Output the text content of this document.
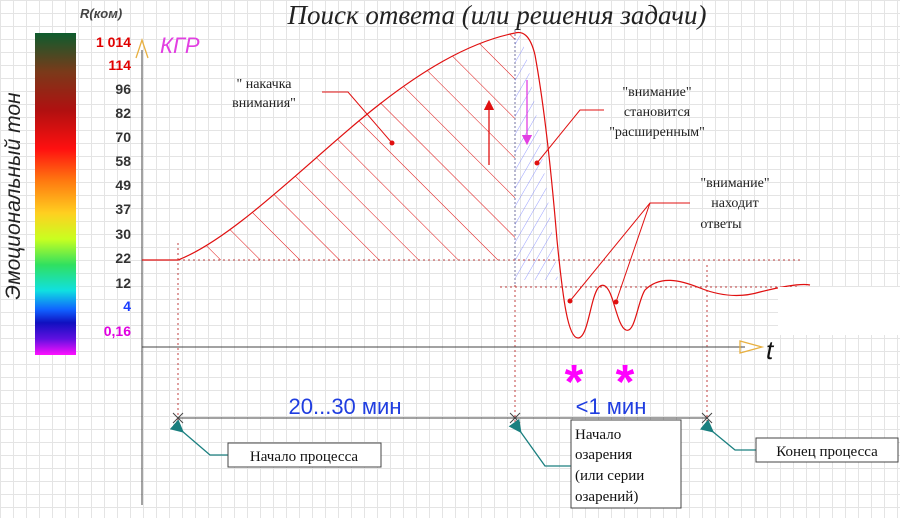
Поиск ответа (или решения задачи)
Эмоциональный тон
R(ком)
1 014
114
96
82
70
58
49
37
30
22
12
4
0,16
КГР
t
" накачка
внимания"
"внимание"
становится
"расширенным"
"внимание"
находит
ответы
* *
20...30 мин	<1 мин
Начало процесса
Начало
озарения
(или серии
озарений)
Конец процесса
